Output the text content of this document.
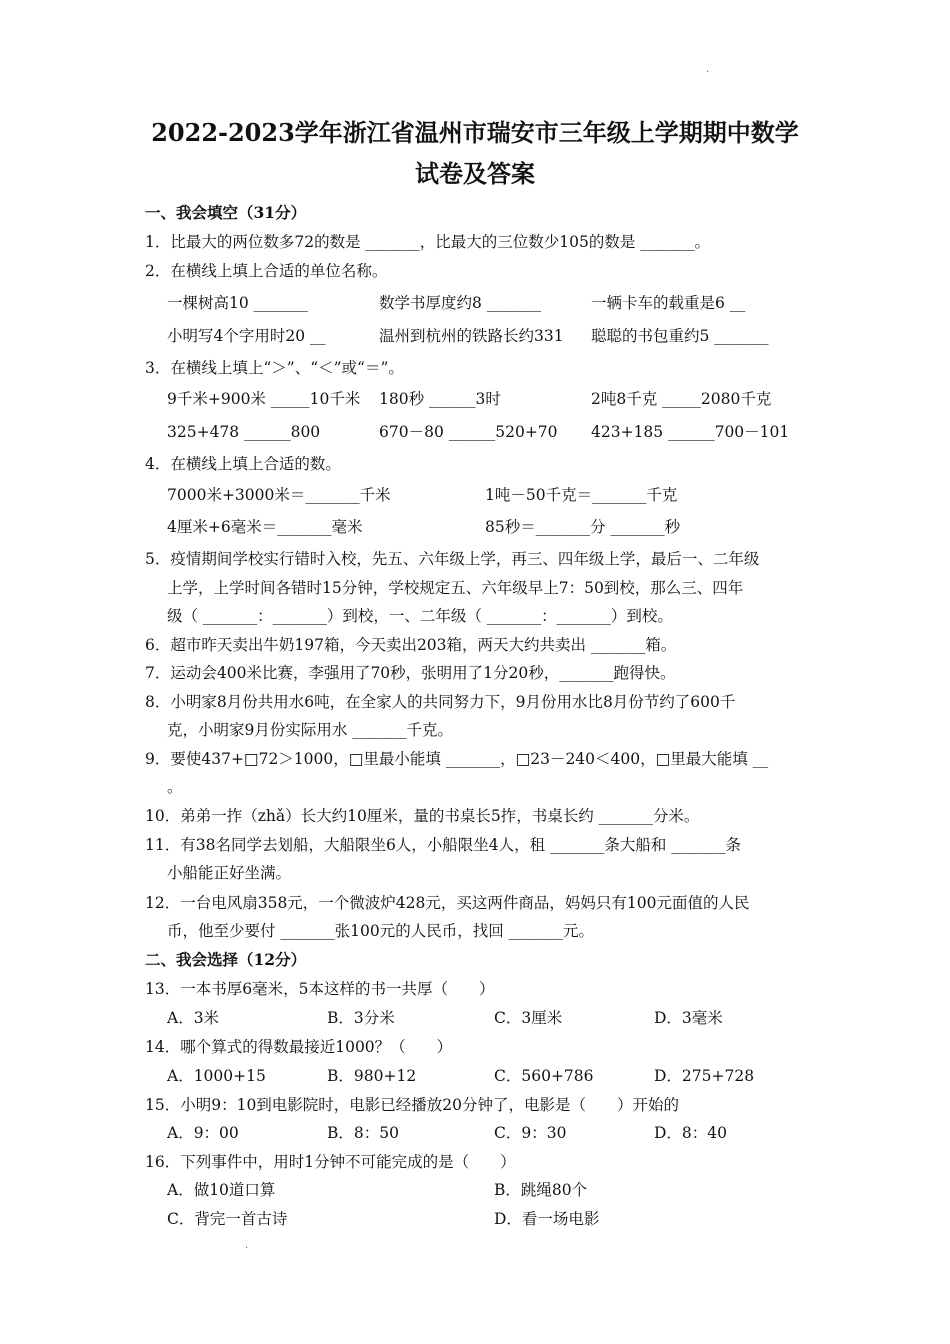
.
2022-2023学年浙江省温州市瑞安市三年级上学期期中数学
试卷及答案
一、我会填空（31分）
1．比最大的两位数多72的数是 _______，比最大的三位数少105的数是 _______。
2．在横线上填上合适的单位名称。
一棵树高10 _______	数学书厚度约8 _______	一辆卡车的载重是6 __
小明写4个字用时20 __	温州到杭州的铁路长约331	聪聪的书包重约5 _______
3．在横线上填上“＞”、“＜”或“＝”。
9千米+900米 _____10千米	180秒 ______3时	2吨8千克 _____2080千克
325+478 ______800	670－80 ______520+70	423+185 ______700－101
4．在横线上填上合适的数。
7000米+3000米＝_______千米	1吨－50千克＝_______千克
4厘米+6毫米＝_______毫米	85秒＝_______分 _______秒
5．疫情期间学校实行错时入校，先五、六年级上学，再三、四年级上学，最后一、二年级
上学，上学时间各错时15分钟，学校规定五、六年级早上7：50到校，那么三、四年
级（ _______：_______）到校，一、二年级（ _______：_______）到校。
6．超市昨天卖出牛奶197箱，今天卖出203箱，两天大约共卖出 _______箱。
7．运动会400米比赛，李强用了70秒，张明用了1分20秒，_______跑得快。
8．小明家8月份共用水6吨，在全家人的共同努力下，9月份用水比8月份节约了600千
克，小明家9月份实际用水 _______千克。
9．要使437+□72＞1000，□里最小能填 _______，□23－240＜400，□里最大能填 __
。
10．弟弟一拃（zhǎ）长大约10厘米，量的书桌长5拃，书桌长约 _______分米。
11．有38名同学去划船，大船限坐6人，小船限坐4人，租 _______条大船和 _______条
小船能正好坐满。
12．一台电风扇358元，一个微波炉428元，买这两件商品，妈妈只有100元面值的人民
币，他至少要付 _______张100元的人民币，找回 _______元。
二、我会选择（12分）
13．一本书厚6毫米，5本这样的书一共厚（　　）
A．3米	B．3分米	C．3厘米	D．3毫米
14．哪个算式的得数最接近1000？（　　）
A．1000+15	B．980+12	C．560+786	D．275+728
15．小明9：10到电影院时，电影已经播放20分钟了，电影是（　　）开始的
A．9：00	B．8：50	C．9：30	D．8：40
16．下列事件中，用时1分钟不可能完成的是（　　）
A．做10道口算	B．跳绳80个
C．背完一首古诗	D．看一场电影
.
